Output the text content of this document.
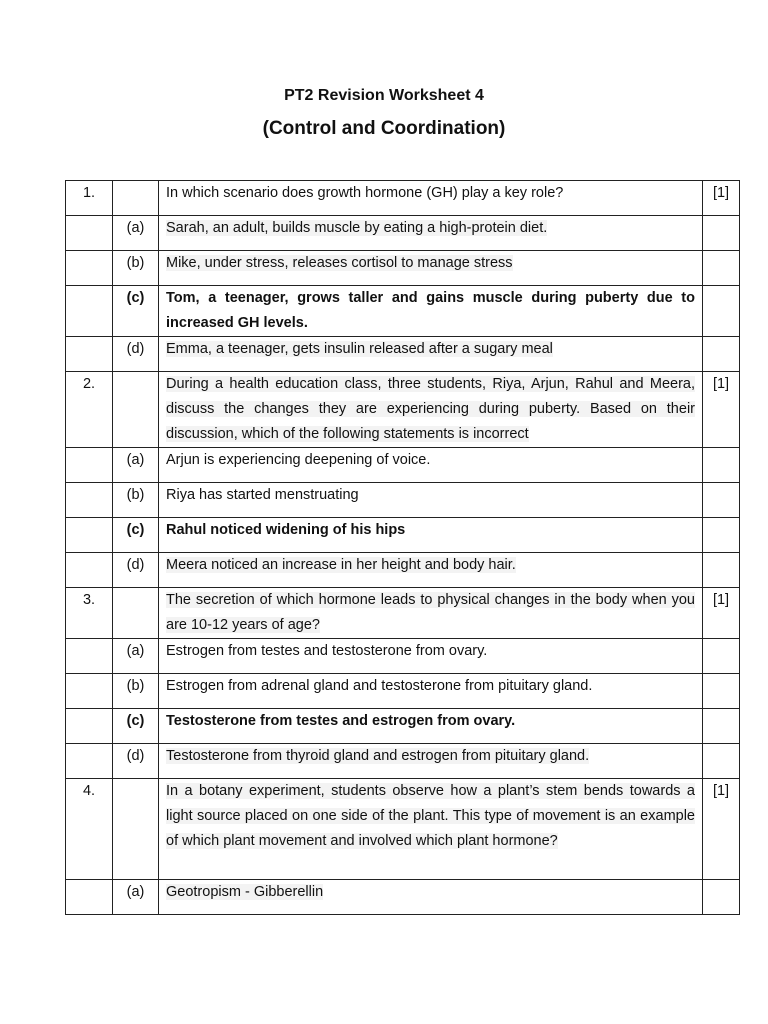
PT2 Revision Worksheet 4
(Control and Coordination)
1.		In which scenario does growth hormone (GH) play a key role?	[1]
	(a)	Sarah, an adult, builds muscle by eating a high-protein diet.	
	(b)	Mike, under stress, releases cortisol to manage stress	
	(c)	Tom, a teenager, grows taller and gains muscle during puberty due to increased GH levels.	
	(d)	Emma, a teenager, gets insulin released after a sugary meal	
2.		During a health education class, three students, Riya, Arjun, Rahul and Meera, discuss the changes they are experiencing during puberty. Based on their discussion, which of the following statements is incorrect	[1]
	(a)	Arjun is experiencing deepening of voice.	
	(b)	Riya has started menstruating	
	(c)	Rahul noticed widening of his hips	
	(d)	Meera noticed an increase in her height and body hair.	
3.		The secretion of which hormone leads to physical changes in the body when you are 10-12 years of age?	[1]
	(a)	Estrogen from testes and testosterone from ovary.	
	(b)	Estrogen from adrenal gland and testosterone from pituitary gland.	
	(c)	Testosterone from testes and estrogen from ovary.	
	(d)	Testosterone from thyroid gland and estrogen from pituitary gland.	
4.		In a botany experiment, students observe how a plant’s stem bends towards a light source placed on one side of the plant. This type of movement is an example of which plant movement and involved which plant hormone?	[1]
	(a)	Geotropism - Gibberellin	
